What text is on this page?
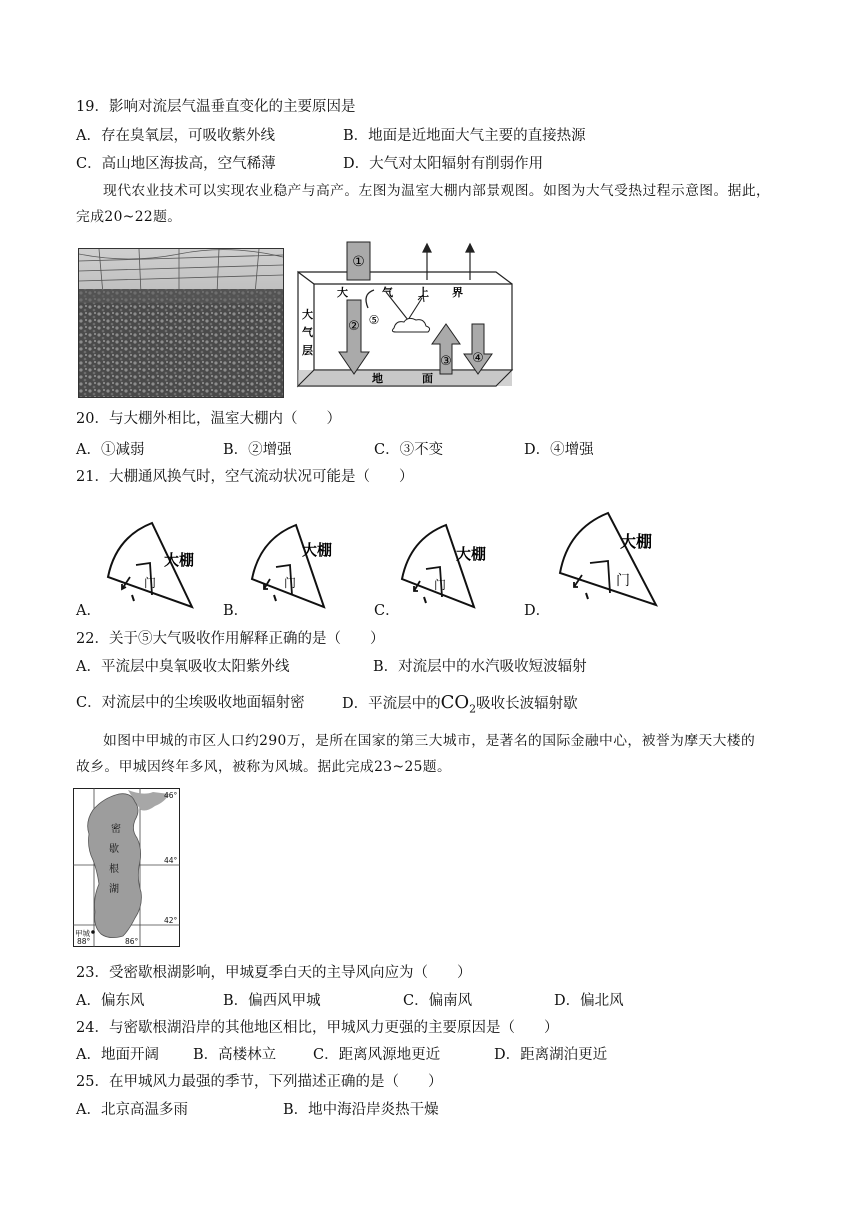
19．影响对流层气温垂直变化的主要原因是
A．存在臭氧层，可吸收紫外线	B．地面是近地面大气主要的直接热源
C．高山地区海拔高，空气稀薄	D．大气对太阳辐射有削弱作用
现代农业技术可以实现农业稳产与高产。左图为温室大棚内部景观图。如图为大气受热过程示意图。据此，
完成20~22题。
①
② ⑤
③ ④
大	气 上 界
大
气
层
地	面
20．与大棚外相比，温室大棚内（　　）
A．①减弱	B．②增强	C．③不变	D．④增强
21．大棚通风换气时，空气流动状况可能是（　　）
大棚
门
大棚
门
大棚
门
大棚
门
A．	B．	C．	D．
22．关于⑤大气吸收作用解释正确的是（　　）
A．平流层中臭氧吸收太阳紫外线	B．对流层中的水汽吸收短波辐射
C．对流层中的尘埃吸收地面辐射密	D．平流层中的$CO_2$吸收长波辐射歇
如图中甲城的市区人口约290万，是所在国家的第三大城市，是著名的国际金融中心，被誉为摩天大楼的
故乡。甲城因终年多风，被称为风城。据此完成23~25题。
密
歇
根
湖
46°
44°
42°
88°	86°
甲城
23．受密歇根湖影响，甲城夏季白天的主导风向应为（　　）
A．偏东风	B．偏西风甲城	C．偏南风	D．偏北风
24．与密歇根湖沿岸的其他地区相比，甲城风力更强的主要原因是（　　）
A．地面开阔 B．高楼林立	C．距离风源地更近	D．距离湖泊更近
25．在甲城风力最强的季节，下列描述正确的是（　　）
A．北京高温多雨	B．地中海沿岸炎热干燥
